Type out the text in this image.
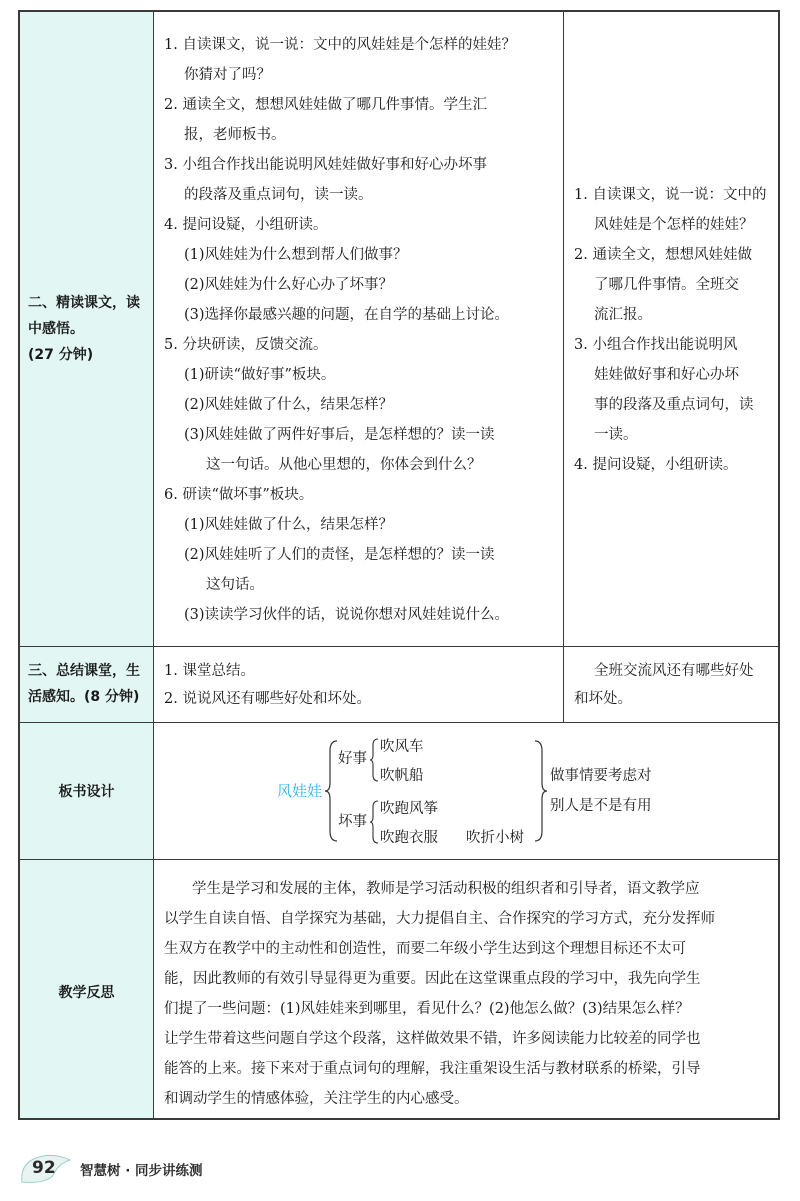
二、精读课文，读
中感悟。
(27 分钟)
1. 自读课文，说一说：文中的风娃娃是个怎样的娃娃？
你猜对了吗？
2. 通读全文，想想风娃娃做了哪几件事情。学生汇
报，老师板书。
3. 小组合作找出能说明风娃娃做好事和好心办坏事
的段落及重点词句，读一读。
4. 提问设疑，小组研读。
(1)风娃娃为什么想到帮人们做事？
(2)风娃娃为什么好心办了坏事？
(3)选择你最感兴趣的问题，在自学的基础上讨论。
5. 分块研读，反馈交流。
(1)研读“做好事”板块。
(2)风娃娃做了什么，结果怎样？
(3)风娃娃做了两件好事后，是怎样想的？读一读
这一句话。从他心里想的，你体会到什么？
6. 研读“做坏事”板块。
(1)风娃娃做了什么，结果怎样？
(2)风娃娃听了人们的责怪，是怎样想的？读一读
这句话。
(3)读读学习伙伴的话，说说你想对风娃娃说什么。
1. 自读课文，说一说：文中的
风娃娃是个怎样的娃娃？
2. 通读全文，想想风娃娃做
了哪几件事情。全班交
流汇报。
3. 小组合作找出能说明风
娃娃做好事和好心办坏
事的段落及重点词句，读
一读。
4. 提问设疑，小组研读。
三、总结课堂，生
活感知。(8 分钟)
1. 课堂总结。
2. 说说风还有哪些好处和坏处。
全班交流风还有哪些好处
和坏处。
板书设计	风娃娃
好事
吹风车
吹帆船
坏事
吹跑风筝
吹跑衣服 吹折小树
做事情要考虑对
别人是不是有用
教学反思
学生是学习和发展的主体，教师是学习活动积极的组织者和引导者，语文教学应
以学生自读自悟、自学探究为基础，大力提倡自主、合作探究的学习方式，充分发挥师
生双方在教学中的主动性和创造性，而要二年级小学生达到这个理想目标还不太可
能，因此教师的有效引导显得更为重要。因此在这堂课重点段的学习中，我先向学生
们提了一些问题：(1)风娃娃来到哪里，看见什么？(2)他怎么做？(3)结果怎么样？
让学生带着这些问题自学这个段落，这样做效果不错，许多阅读能力比较差的同学也
能答的上来。接下来对于重点词句的理解，我注重架设生活与教材联系的桥梁，引导
和调动学生的情感体验，关注学生的内心感受。
92 智慧树 · 同步讲练测
